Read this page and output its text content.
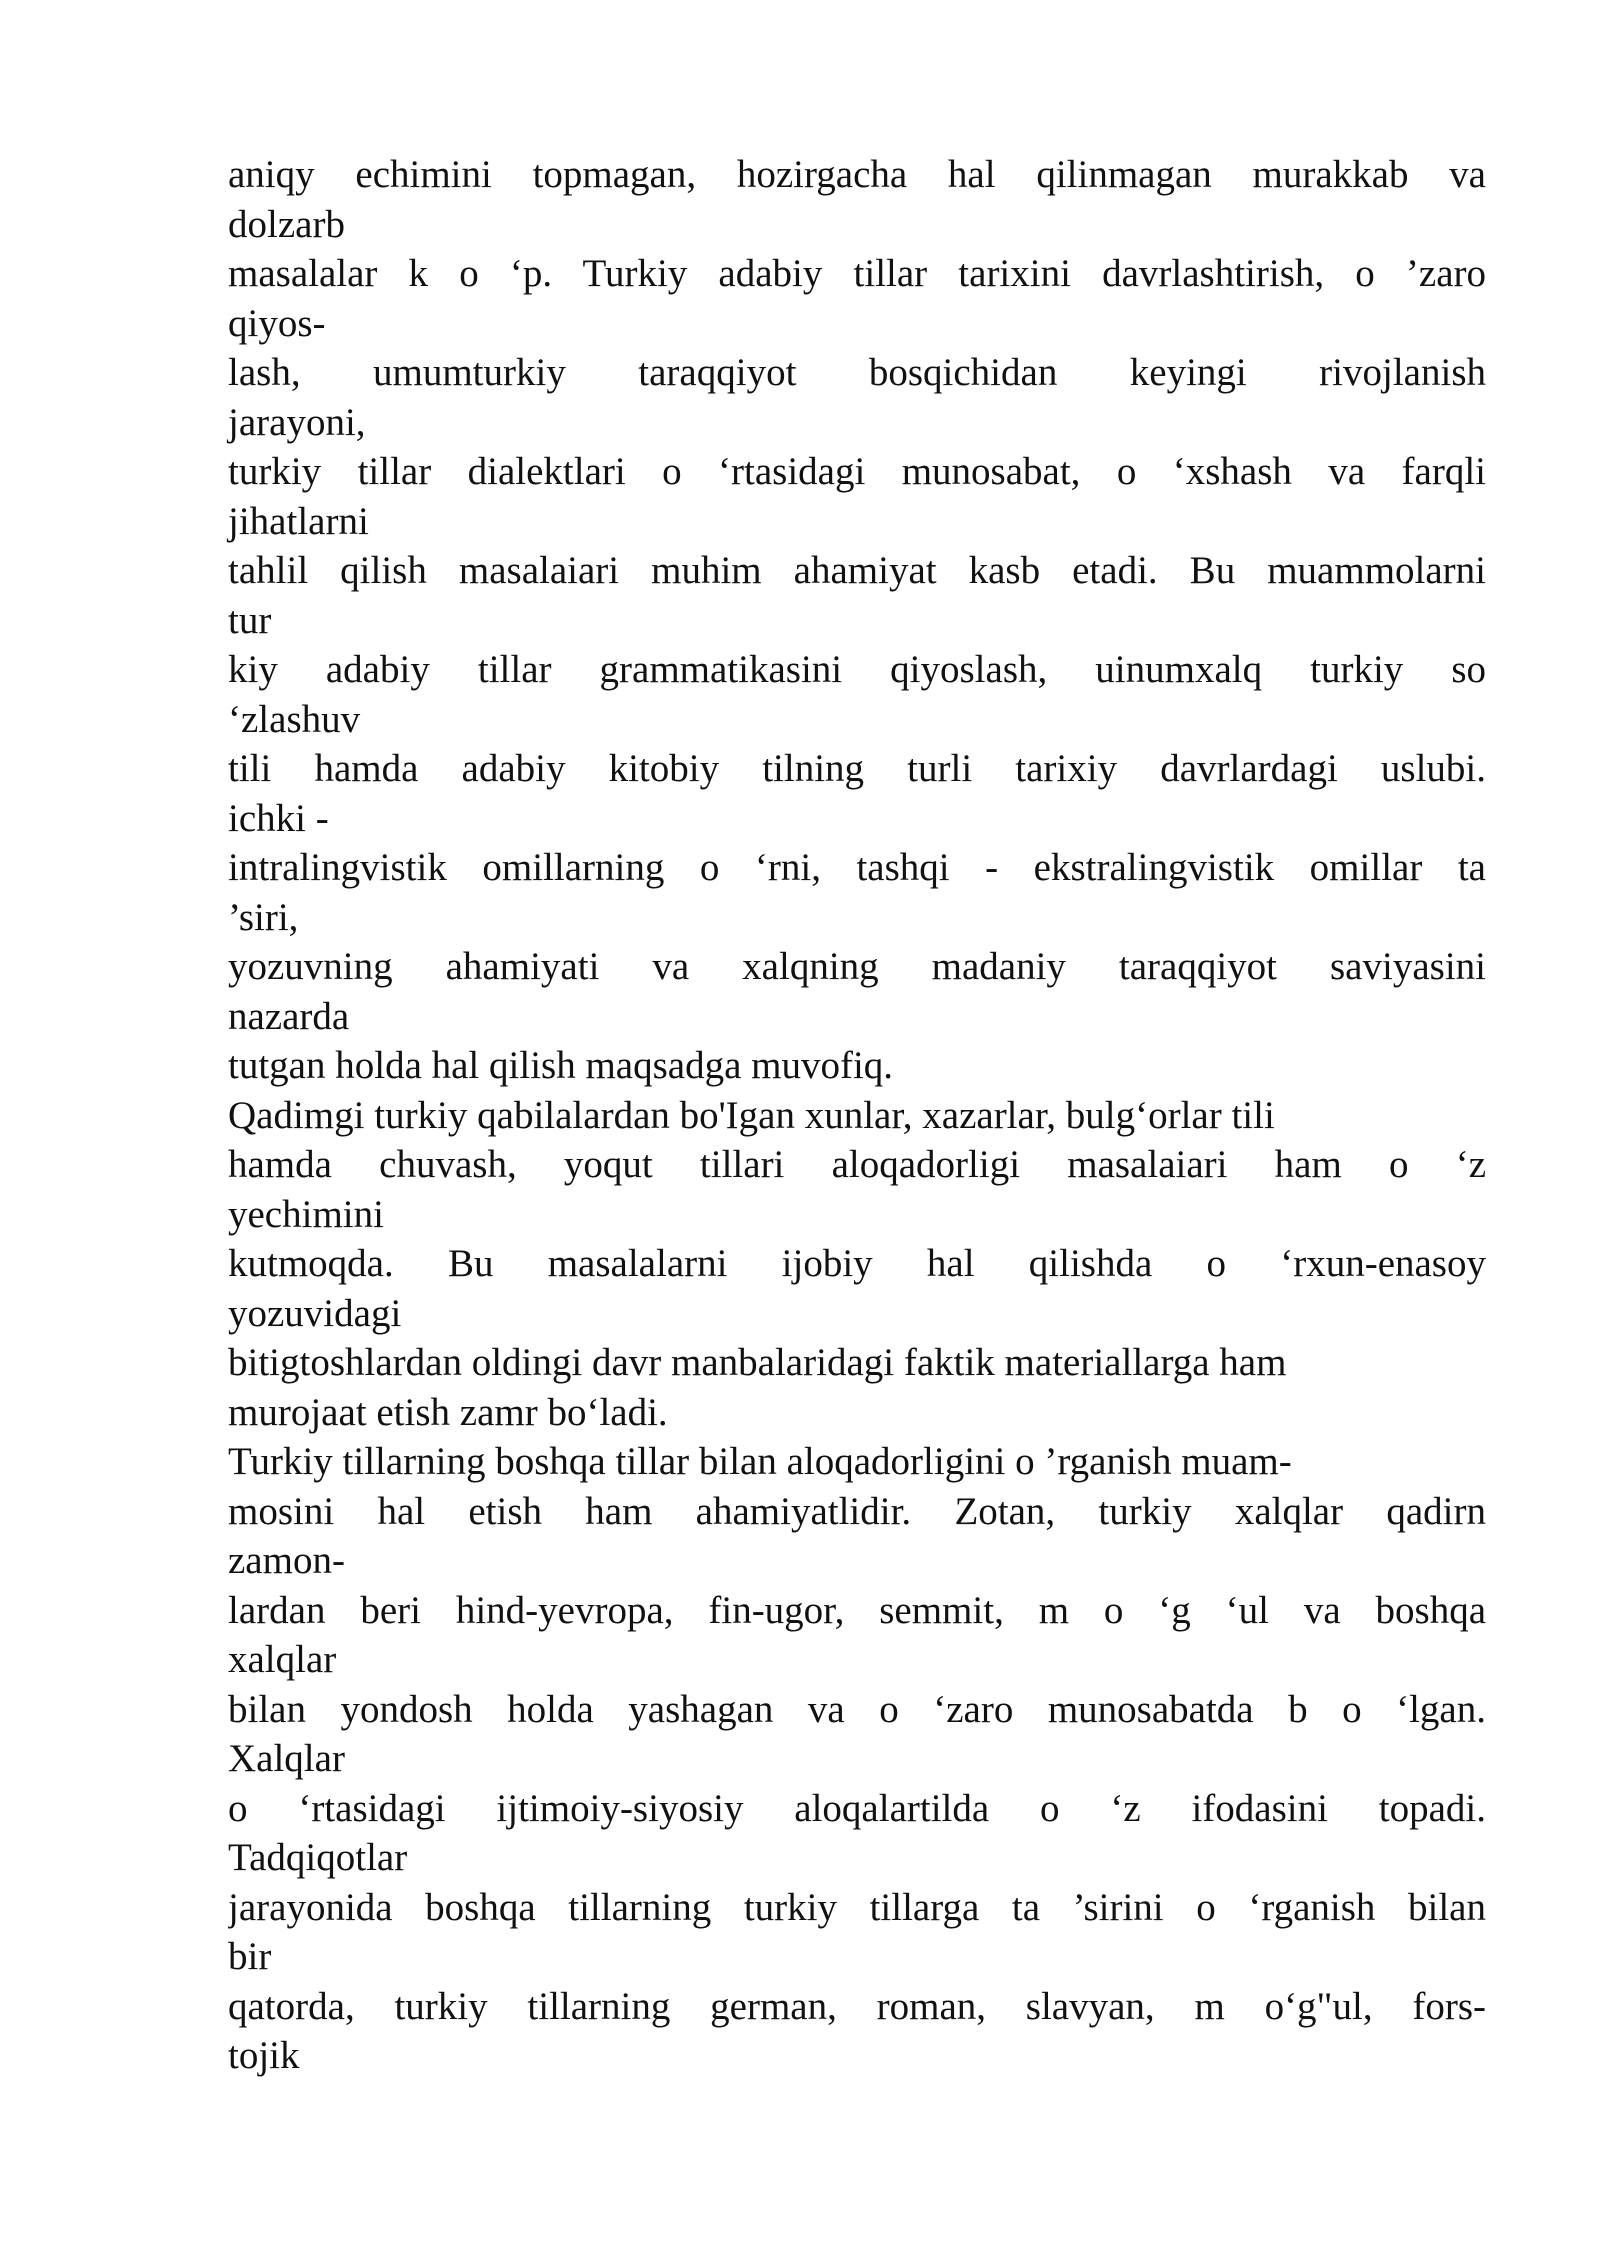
aniqy echimini topmagan, hozirgacha hal qilinmagan murakkab va
dolzarb
masalalar k o ‘p. Turkiy adabiy tillar tarixini davrlashtirish, o ’zaro
qiyos-
lash, umumturkiy taraqqiyot bosqichidan keyingi rivojlanish
jarayoni,
turkiy tillar dialektlari o ‘rtasidagi munosabat, o ‘xshash va farqli
jihatlarni
tahlil qilish masalaiari muhim ahamiyat kasb etadi. Bu muammolarni
tur
kiy adabiy tillar grammatikasini qiyoslash, uinumxalq turkiy so
‘zlashuv
tili hamda adabiy kitobiy tilning turli tarixiy davrlardagi uslubi.
ichki -
intralingvistik omillarning o ‘rni, tashqi - ekstralingvistik omillar ta
’siri,
yozuvning ahamiyati va xalqning madaniy taraqqiyot saviyasini
nazarda
tutgan holda hal qilish maqsadga muvofiq.
Qadimgi turkiy qabilalardan bo'Igan xunlar, xazarlar, bulg‘orlar tili
hamda chuvash, yoqut tillari aloqadorligi masalaiari ham o ‘z
yechimini
kutmoqda. Bu masalalarni ijobiy hal qilishda o ‘rxun-enasoy
yozuvidagi
bitigtoshlardan oldingi davr manbalaridagi faktik materiallarga ham
murojaat etish zamr bo‘ladi.
Turkiy tillarning boshqa tillar bilan aloqadorligini o ’rganish muam-
mosini hal etish ham ahamiyatlidir. Zotan, turkiy xalqlar qadirn
zamon-
lardan beri hind-yevropa, fin-ugor, semmit, m o ‘g ‘ul va boshqa
xalqlar
bilan yondosh holda yashagan va o ‘zaro munosabatda b o ‘lgan.
Xalqlar
o ‘rtasidagi ijtimoiy-siyosiy aloqalartilda o ‘z ifodasini topadi.
Tadqiqotlar
jarayonida boshqa tillarning turkiy tillarga ta ’sirini o ‘rganish bilan
bir
qatorda, turkiy tillarning german, roman, slavyan, m o‘g"ul, fors-
tojik
